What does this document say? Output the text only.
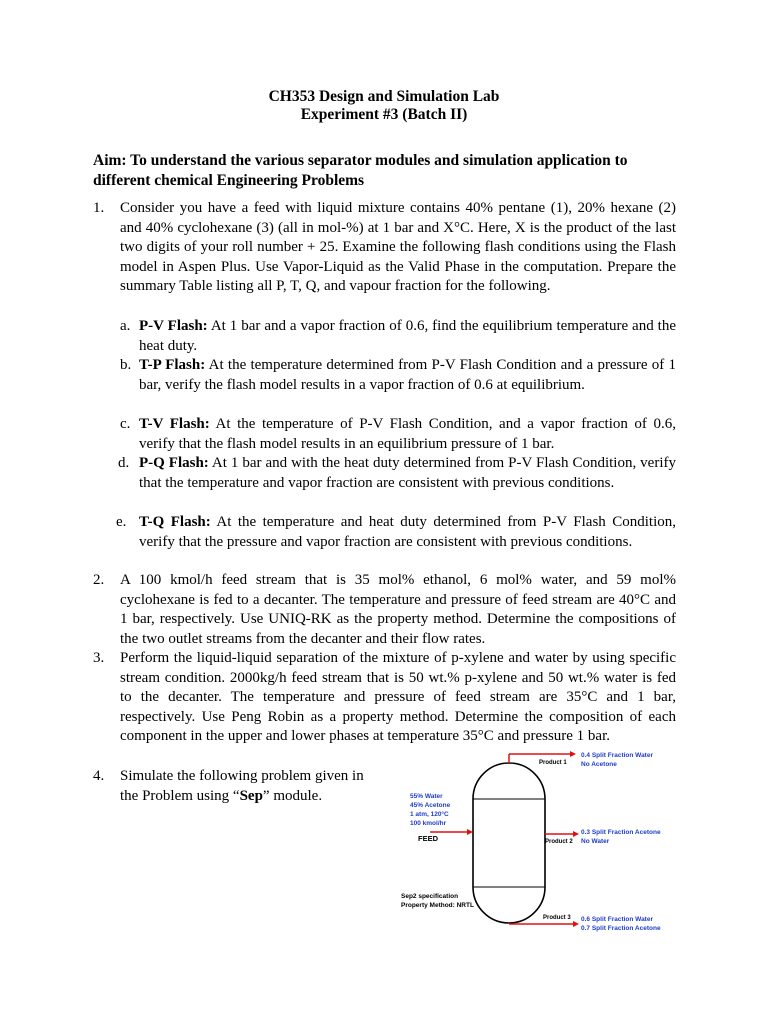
CH353 Design and Simulation Lab
Experiment #3 (Batch II)
Aim: To understand the various separator modules and simulation application to different chemical Engineering Problems
1. Consider you have a feed with liquid mixture contains 40% pentane (1), 20% hexane (2) and 40% cyclohexane (3) (all in mol-%) at 1 bar and X°C. Here, X is the product of the last two digits of your roll number + 25. Examine the following flash conditions using the Flash model in Aspen Plus. Use Vapor-Liquid as the Valid Phase in the computation. Prepare the summary Table listing all P, T, Q, and vapour fraction for the following.
a. P-V Flash: At 1 bar and a vapor fraction of 0.6, find the equilibrium temperature and the heat duty.
b. T-P Flash: At the temperature determined from P-V Flash Condition and a pressure of 1 bar, verify the flash model results in a vapor fraction of 0.6 at equilibrium.
c. T-V Flash: At the temperature of P-V Flash Condition, and a vapor fraction of 0.6, verify that the flash model results in an equilibrium pressure of 1 bar.
d. P-Q Flash: At 1 bar and with the heat duty determined from P-V Flash Condition, verify that the temperature and vapor fraction are consistent with previous conditions.
e. T-Q Flash: At the temperature and heat duty determined from P-V Flash Condition, verify that the pressure and vapor fraction are consistent with previous conditions.
2. A 100 kmol/h feed stream that is 35 mol% ethanol, 6 mol% water, and 59 mol% cyclohexane is fed to a decanter. The temperature and pressure of feed stream are 40°C and 1 bar, respectively. Use UNIQ-RK as the property method. Determine the compositions of the two outlet streams from the decanter and their flow rates.
3. Perform the liquid-liquid separation of the mixture of p-xylene and water by using specific stream condition. 2000kg/h feed stream that is 50 wt.% p-xylene and 50 wt.% water is fed to the decanter. The temperature and pressure of feed stream are 35°C and 1 bar, respectively. Use Peng Robin as a property method. Determine the composition of each component in the upper and lower phases at temperature 35°C and pressure 1 bar.
4. Simulate the following problem given in the Problem using “Sep” module.	55% Water
45% Acetone
1 atm, 120°C
100 kmol/hr
FEED
Sep2 specification
Property Method: NRTL
Product 1
Product 2
Product 3
0.4 Split Fraction Water
No Acetone
0.3 Split Fraction Acetone
No Water
0.6 Split Fraction Water
0.7 Split Fraction Acetone
